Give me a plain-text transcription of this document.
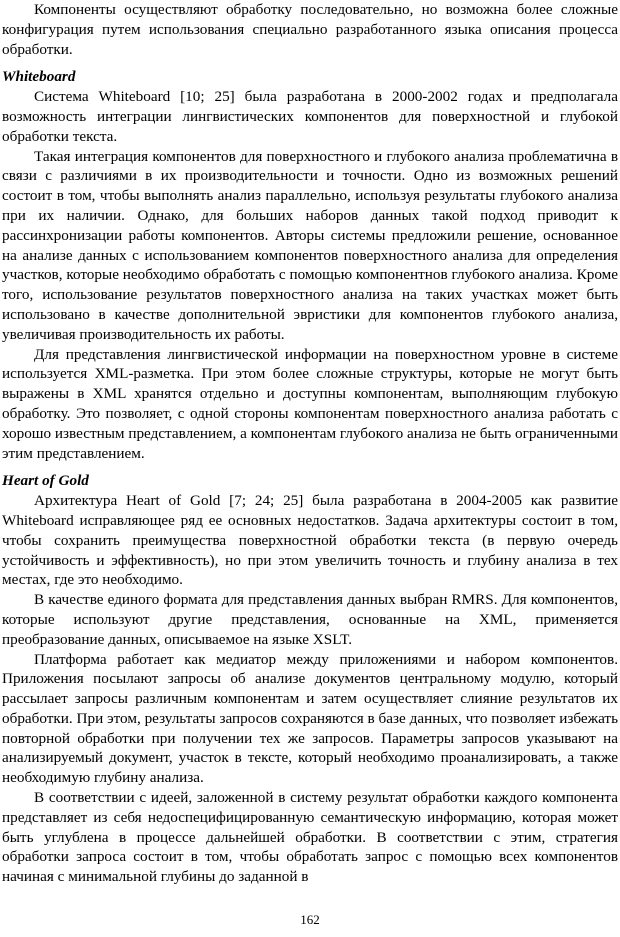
Компоненты осуществляют обработку последовательно, но возможна более сложные конфигурация путем использования специально разработанного языка описания процесса обработки.

Whiteboard

Система Whiteboard [10; 25] была разработана в 2000-2002 годах и предполагала возможность интеграции лингвистических компонентов для поверхностной и глубокой обработки текста.

Такая интеграция компонентов для поверхностного и глубокого анализа проблематична в связи с различиями в их производительности и точности. Одно из возможных решений состоит в том, чтобы выполнять анализ параллельно, используя результаты глубокого анализа при их наличии. Однако, для больших наборов данных такой подход приводит к рассинхронизации работы компонентов. Авторы системы предложили решение, основанное на анализе данных с использованием компонентов поверхностного анализа для определения участков, которые необходимо обработать с помощью компонентнов глубокого анализа. Кроме того, использование результатов поверхностного анализа на таких участках может быть использовано в качестве дополнительной эвристики для компонентов глубокого анализа, увеличивая производительность их работы.

Для представления лингвистической информации на поверхностном уровне в системе используется XML-разметка. При этом более сложные структуры, которые не могут быть выражены в XML хранятся отдельно и доступны компонентам, выполняющим глубокую обработку. Это позволяет, с одной стороны компонентам поверхностного анализа работать с хорошо известным представлением, а компонентам глубокого анализа не быть ограниченными этим представлением.

Heart of Gold

Архитектура Heart of Gold [7; 24; 25] была разработана в 2004-2005 как развитие Whiteboard исправляющее ряд ее основных недостатков. Задача архитектуры состоит в том, чтобы сохранить преимущества поверхностной обработки текста (в первую очередь устойчивость и эффективность), но при этом увеличить точность и глубину анализа в тех местах, где это необходимо.

В качестве единого формата для представления данных выбран RMRS. Для компонентов, которые используют другие представления, основанные на XML, применяется преобразование данных, описываемое на языке XSLT.

Платформа работает как медиатор между приложениями и набором компонентов. Приложения посылают запросы об анализе документов центральному модулю, который рассылает запросы различным компонентам и затем осуществляет слияние результатов их обработки. При этом, результаты запросов сохраняются в базе данных, что позволяет избежать повторной обработки при получении тех же запросов. Параметры запросов указывают на анализируемый документ, участок в тексте, который необходимо проанализировать, а также необходимую глубину анализа.

В соответствии с идеей, заложенной в систему результат обработки каждого компонента представляет из себя недоспецифицированную семантическую информацию, которая может быть углублена в процессе дальнейшей обработки. В соответствии с этим, стратегия обработки запроса состоит в том, чтобы обработать запрос с помощью всех компонентов начиная с минимальной глубины до заданной в

162
